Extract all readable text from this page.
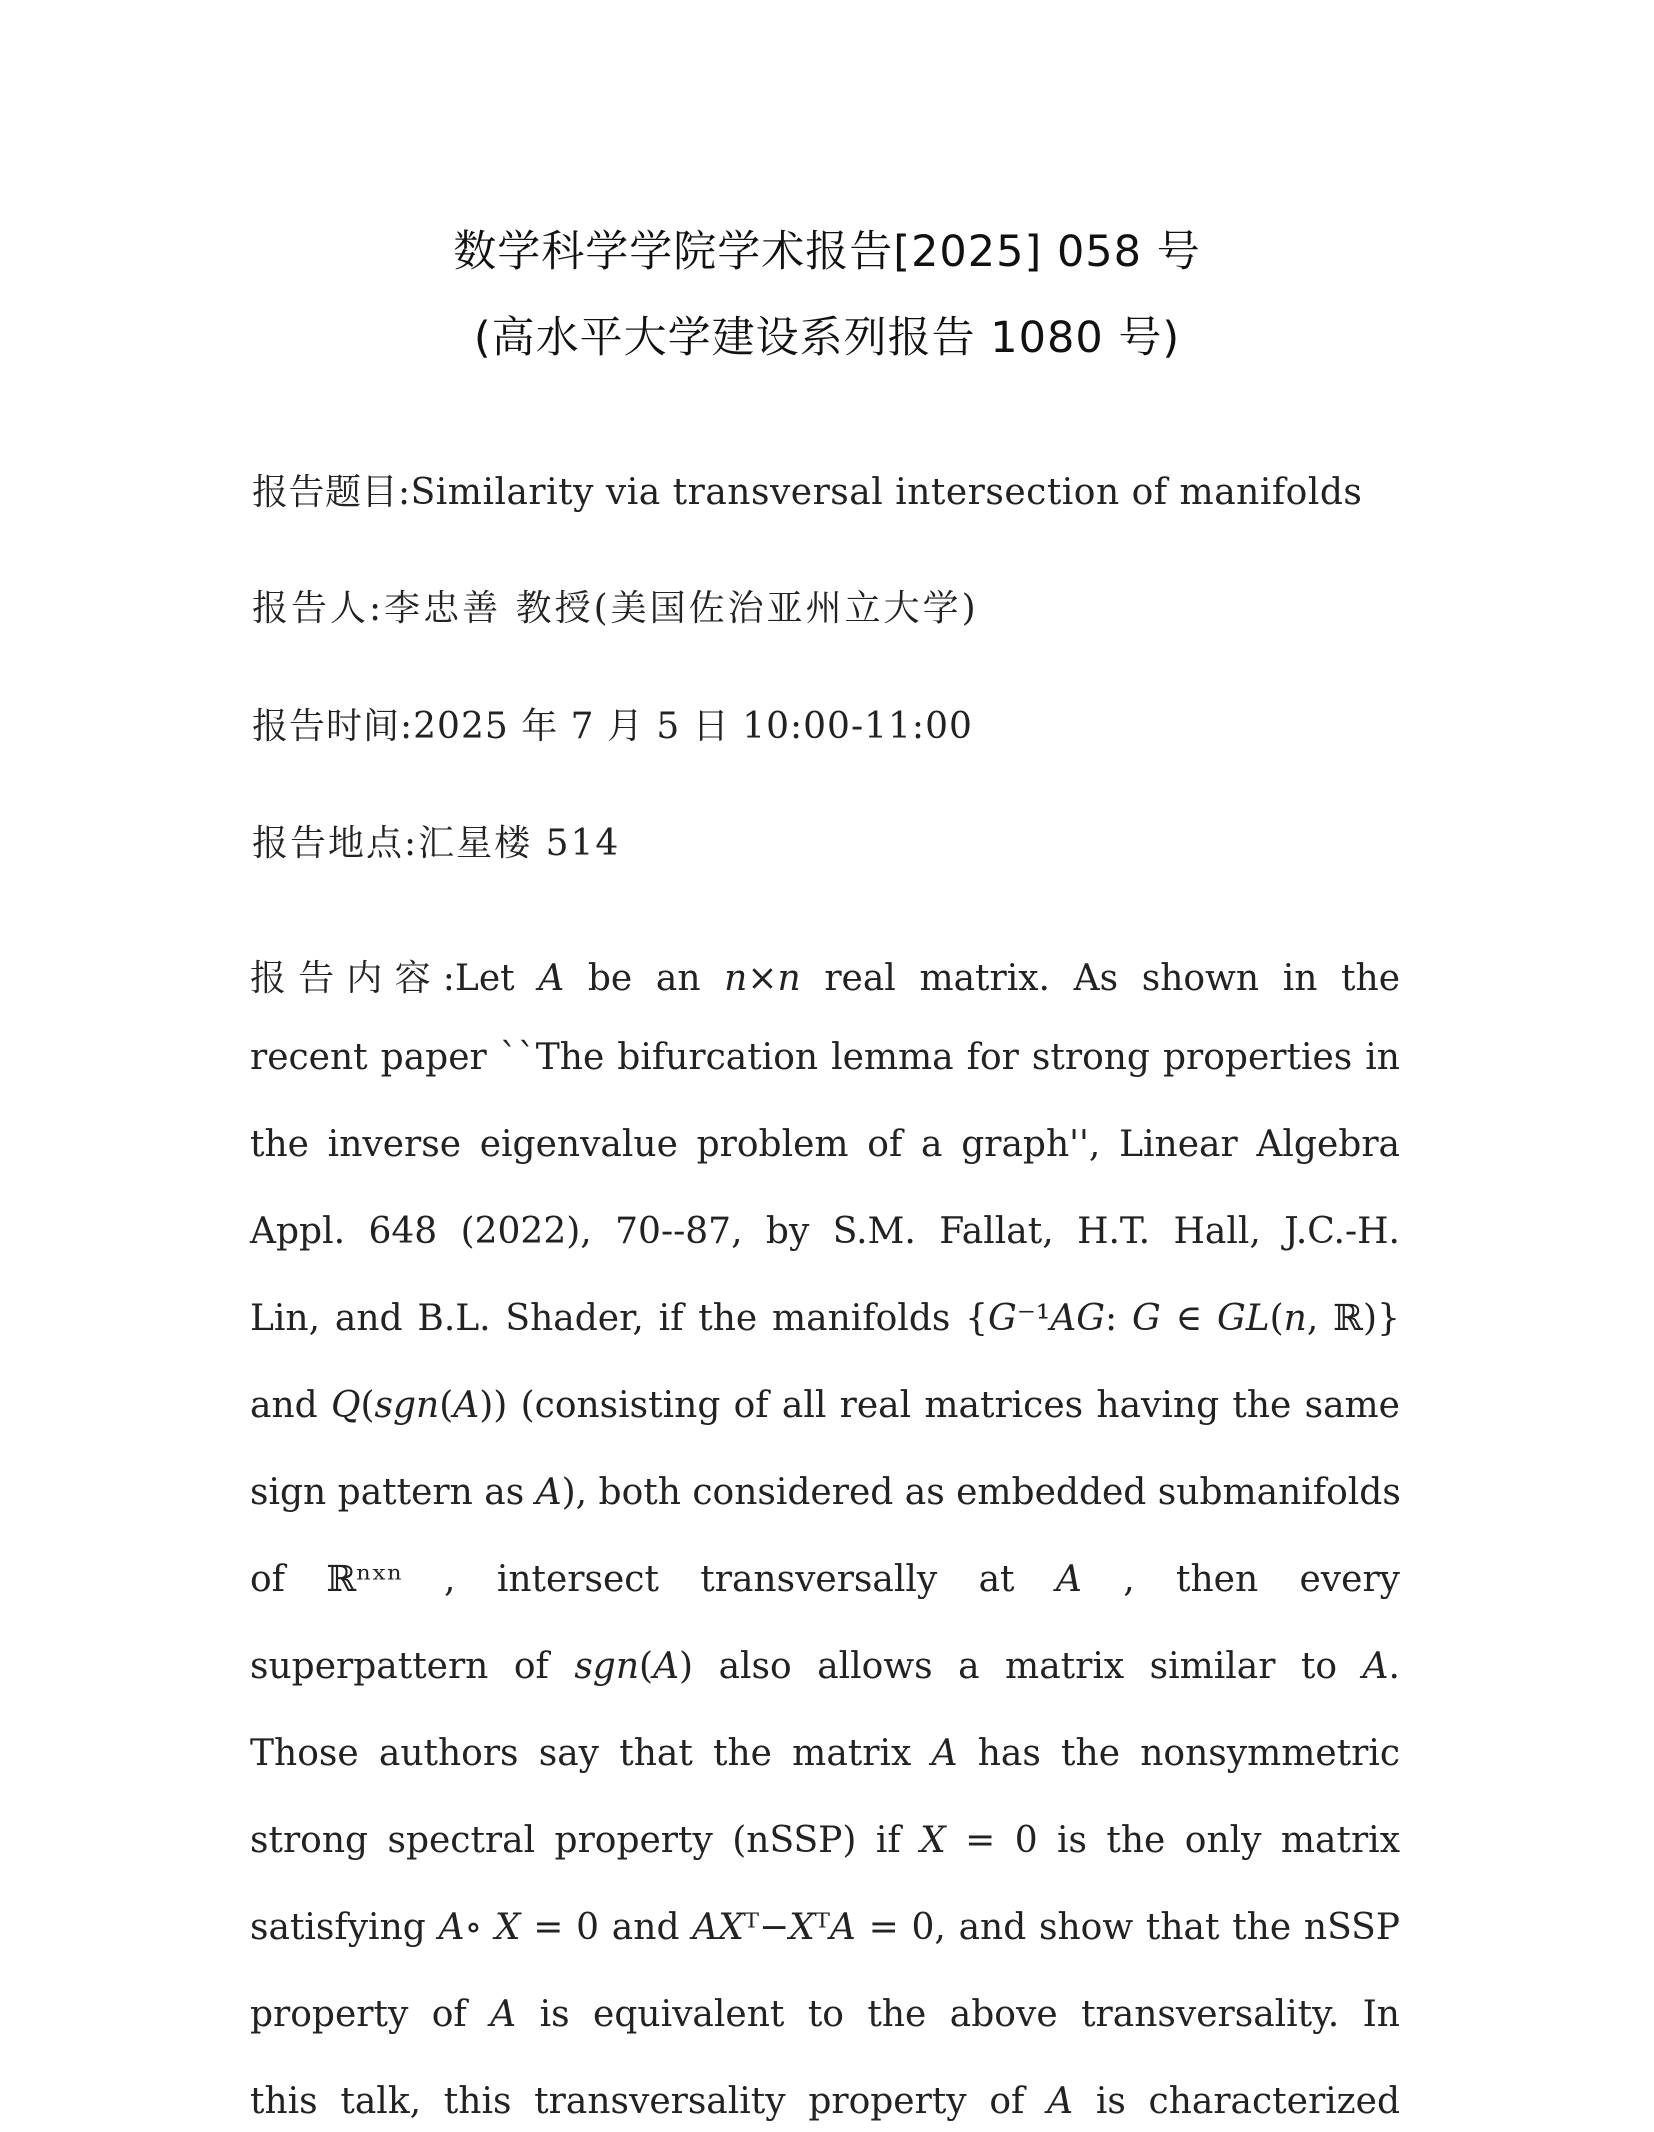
数学科学学院学术报告[2025] 058 号
(高水平大学建设系列报告 1080 号)
报告题目:Similarity via transversal intersection of manifolds
报告人:李忠善 教授(美国佐治亚州立大学)
报告时间:2025 年 7 月 5 日 10:00-11:00
报告地点:汇星楼 514
报告内容:Let 𝐴 be an 𝑛×𝑛 real matrix. As shown in the
recent paper ``The bifurcation lemma for strong properties in
the inverse eigenvalue problem of a graph'', Linear Algebra
Appl. 648 (2022), 70--87, by S.M. Fallat, H.T. Hall, J.C.-H.
Lin, and B.L. Shader, if the manifolds {𝐺⁻¹𝐴𝐺: 𝐺 ∈ 𝐺𝐿(𝑛, ℝ)}
and 𝑄(𝑠𝑔𝑛(𝐴)) (consisting of all real matrices having the same
sign pattern as 𝐴), both considered as embedded submanifolds
of ℝⁿˣⁿ , intersect transversally at 𝐴 , then every
superpattern of 𝑠𝑔𝑛(𝐴) also allows a matrix similar to 𝐴.
Those authors say that the matrix 𝐴 has the nonsymmetric
strong spectral property (nSSP) if 𝑋 = 0 is the only matrix
satisfying 𝐴∘ 𝑋 = 0 and 𝐴𝑋ᵀ−𝑋ᵀ𝐴 = 0, and show that the nSSP
property of 𝐴 is equivalent to the above transversality. In
this talk, this transversality property of 𝐴 is characterized
